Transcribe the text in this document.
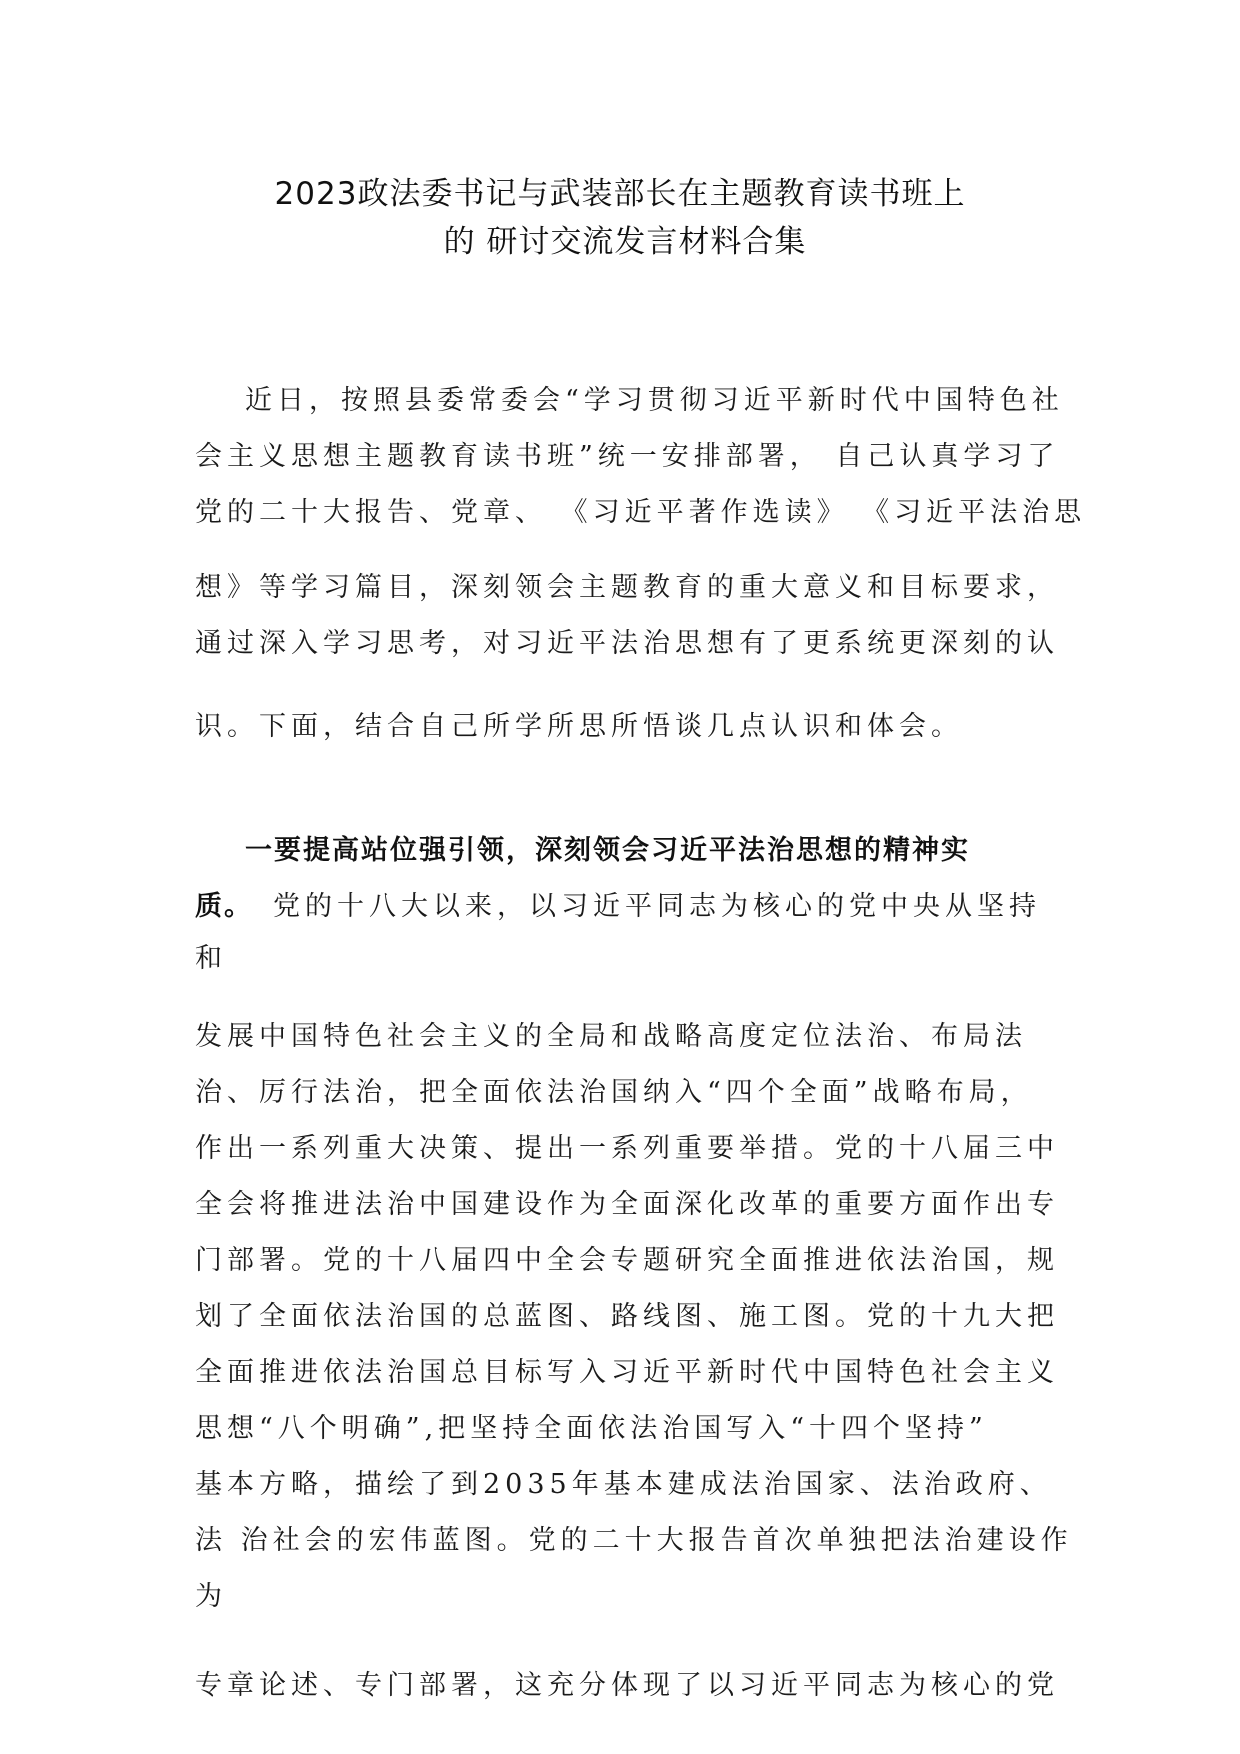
2023政法委书记与武装部长在主题教育读书班上
的 研讨交流发言材料合集
近日，按照县委常委会“学习贯彻习近平新时代中国特色社
会主义思想主题教育读书班”统一安排部署， 自己认真学习了
党的二十大报告、党章、 《习近平著作选读》 《习近平法治思
想》等学习篇目，深刻领会主题教育的重大意义和目标要求，
通过深入学习思考，对习近平法治思想有了更系统更深刻的认
识。下面，结合自己所学所思所悟谈几点认识和体会。
一要提高站位强引领，深刻领会习近平法治思想的精神实
质。 党的十八大以来，以习近平同志为核心的党中央从坚持
和
发展中国特色社会主义的全局和战略高度定位法治、布局法
治、厉行法治，把全面依法治国纳入“四个全面”战略布局，
作出一系列重大决策、提出一系列重要举措。党的十八届三中
全会将推进法治中国建设作为全面深化改革的重要方面作出专
门部署。党的十八届四中全会专题研究全面推进依法治国，规
划了全面依法治国的总蓝图、路线图、施工图。党的十九大把
全面推进依法治国总目标写入习近平新时代中国特色社会主义
思想“八个明确”,把坚持全面依法治国写入“十四个坚持”
基本方略，描绘了到2035年基本建成法治国家、法治政府、
法 治社会的宏伟蓝图。党的二十大报告首次单独把法治建设作
为
专章论述、专门部署，这充分体现了以习近平同志为核心的党
